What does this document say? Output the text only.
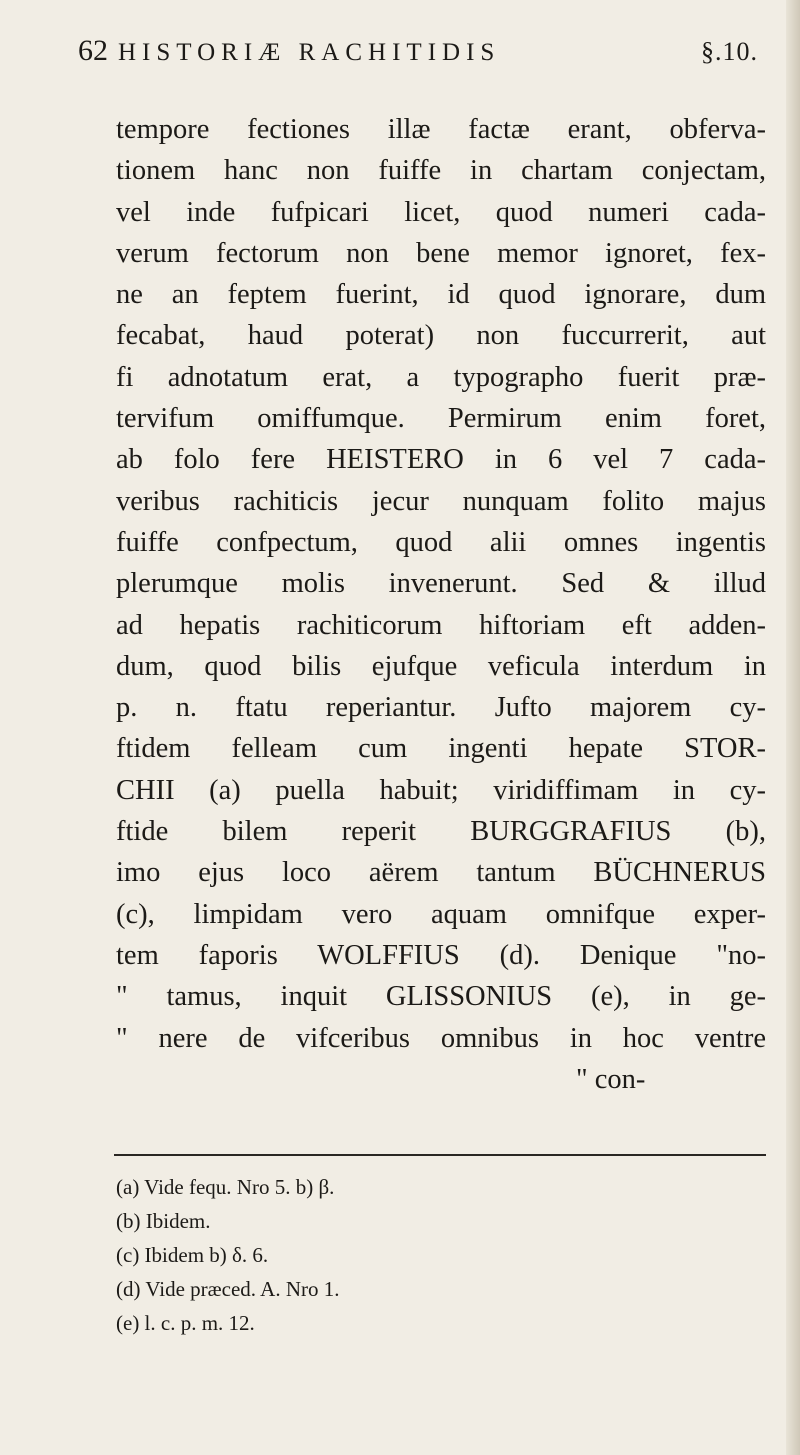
62 HISTORIÆ RACHITIDIS	§.10.
tempore fectiones illæ factæ erant, obferva-
tionem hanc non fuiffe in chartam conjectam,
vel inde fufpicari licet, quod numeri cada-
verum fectorum non bene memor ignoret, fex-
ne an feptem fuerint, id quod ignorare, dum
fecabat, haud poterat) non fuccurrerit, aut
fi adnotatum erat, a typographo fuerit præ-
tervifum omiffumque. Permirum enim foret,
ab folo fere HEISTERO in 6 vel 7 cada-
veribus rachiticis jecur nunquam folito majus
fuiffe confpectum, quod alii omnes ingentis
plerumque molis invenerunt. Sed & illud
ad hepatis rachiticorum hiftoriam eft adden-
dum, quod bilis ejufque veficula interdum in
p. n. ftatu reperiantur. Jufto majorem cy-
ftidem felleam cum ingenti hepate STOR-
CHII (a) puella habuit; viridiffimam in cy-
ftide bilem reperit BURGGRAFIUS (b),
imo ejus loco aërem tantum BÜCHNERUS
(c), limpidam vero aquam omnifque exper-
tem faporis WOLFFIUS (d). Denique "no-
" tamus, inquit GLISSONIUS (e), in ge-
" nere de vifceribus omnibus in hoc ventre
" con-
(a) Vide fequ. Nro 5. b) β.
(b) Ibidem.
(c) Ibidem b) δ. 6.
(d) Vide præced. A. Nro 1.
(e) l. c. p. m. 12.
